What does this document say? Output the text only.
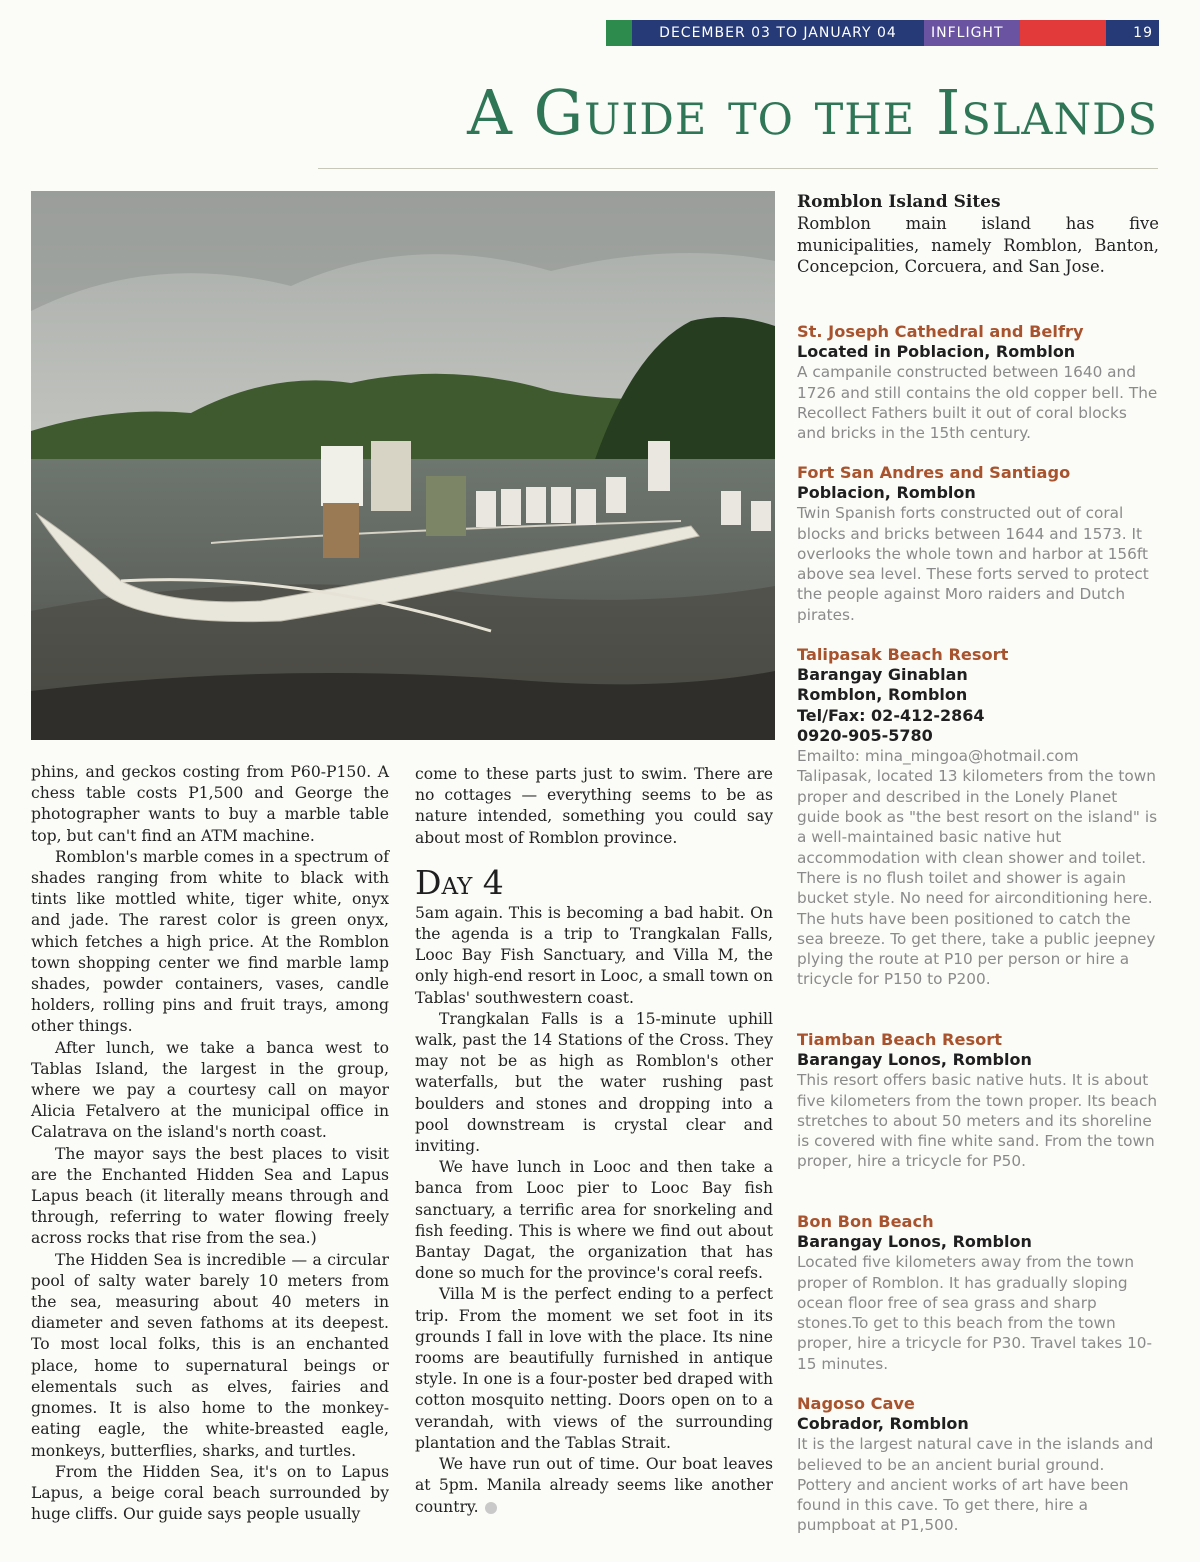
DECEMBER 03 TO JANUARY 04	INFLIGHT	19
A Guide to the Islands

phins, and geckos costing from P60-P150. A chess table costs P1,500 and George the photographer wants to buy a marble table top, but can't find an ATM machine.

Romblon's marble comes in a spectrum of shades ranging from white to black with tints like mottled white, tiger white, onyx and jade. The rarest color is green onyx, which fetches a high price. At the Romblon town shopping center we find marble lamp shades, powder containers, vases, candle holders, rolling pins and fruit trays, among other things.

After lunch, we take a banca west to Tablas Island, the largest in the group, where we pay a courtesy call on mayor Alicia Fetalvero at the municipal office in Calatrava on the island's north coast.

The mayor says the best places to visit are the Enchanted Hidden Sea and Lapus Lapus beach (it literally means through and through, referring to water flowing freely across rocks that rise from the sea.)

The Hidden Sea is incredible — a circular pool of salty water barely 10 meters from the sea, measuring about 40 meters in diameter and seven fathoms at its deepest. To most local folks, this is an enchanted place, home to supernatural beings or elementals such as elves, fairies and gnomes. It is also home to the monkey-eating eagle, the white-breasted eagle, monkeys, butterflies, sharks, and turtles.

From the Hidden Sea, it's on to Lapus Lapus, a beige coral beach surrounded by huge cliffs. Our guide says people usually

come to these parts just to swim. There are no cottages — everything seems to be as nature intended, something you could say about most of Romblon province.

Day 4

5am again. This is becoming a bad habit. On the agenda is a trip to Trangkalan Falls, Looc Bay Fish Sanctuary, and Villa M, the only high-end resort in Looc, a small town on Tablas' southwestern coast.

Trangkalan Falls is a 15-minute uphill walk, past the 14 Stations of the Cross. They may not be as high as Romblon's other waterfalls, but the water rushing past boulders and stones and dropping into a pool downstream is crystal clear and inviting.

We have lunch in Looc and then take a banca from Looc pier to Looc Bay fish sanctuary, a terrific area for snorkeling and fish feeding. This is where we find out about Bantay Dagat, the organization that has done so much for the province's coral reefs.

Villa M is the perfect ending to a perfect trip. From the moment we set foot in its grounds I fall in love with the place. Its nine rooms are beautifully furnished in antique style. In one is a four-poster bed draped with cotton mosquito netting. Doors open on to a verandah, with views of the surrounding plantation and the Tablas Strait.

We have run out of time. Our boat leaves at 5pm. Manila already seems like another country.

Romblon Island Sites

Romblon main island has five municipalities, namely Romblon, Banton, Concepcion, Corcuera, and San Jose.

St. Joseph Cathedral and Belfry

Located in Poblacion, Romblon

A campanile constructed between 1640 and 1726 and still contains the old copper bell. The Recollect Fathers built it out of coral blocks and bricks in the 15th century.

Fort San Andres and Santiago

Poblacion, Romblon

Twin Spanish forts constructed out of coral blocks and bricks between 1644 and 1573. It overlooks the whole town and harbor at 156ft above sea level. These forts served to protect the people against Moro raiders and Dutch pirates.

Talipasak Beach Resort

Barangay Ginablan

Romblon, Romblon

Tel/Fax: 02-412-2864

0920-905-5780

Emailto: mina_mingoa@hotmail.com

Talipasak, located 13 kilometers from the town proper and described in the Lonely Planet guide book as "the best resort on the island" is a well-maintained basic native hut accommodation with clean shower and toilet. There is no flush toilet and shower is again bucket style. No need for airconditioning here. The huts have been positioned to catch the sea breeze. To get there, take a public jeepney plying the route at P10 per person or hire a tricycle for P150 to P200.

Tiamban Beach Resort

Barangay Lonos, Romblon

This resort offers basic native huts. It is about five kilometers from the town proper. Its beach stretches to about 50 meters and its shoreline is covered with fine white sand. From the town proper, hire a tricycle for P50.

Bon Bon Beach

Barangay Lonos, Romblon

Located five kilometers away from the town proper of Romblon. It has gradually sloping ocean floor free of sea grass and sharp stones.To get to this beach from the town proper, hire a tricycle for P30. Travel takes 10-15 minutes.

Nagoso Cave

Cobrador, Romblon

It is the largest natural cave in the islands and believed to be an ancient burial ground. Pottery and ancient works of art have been found in this cave. To get there, hire a pumpboat at P1,500.
